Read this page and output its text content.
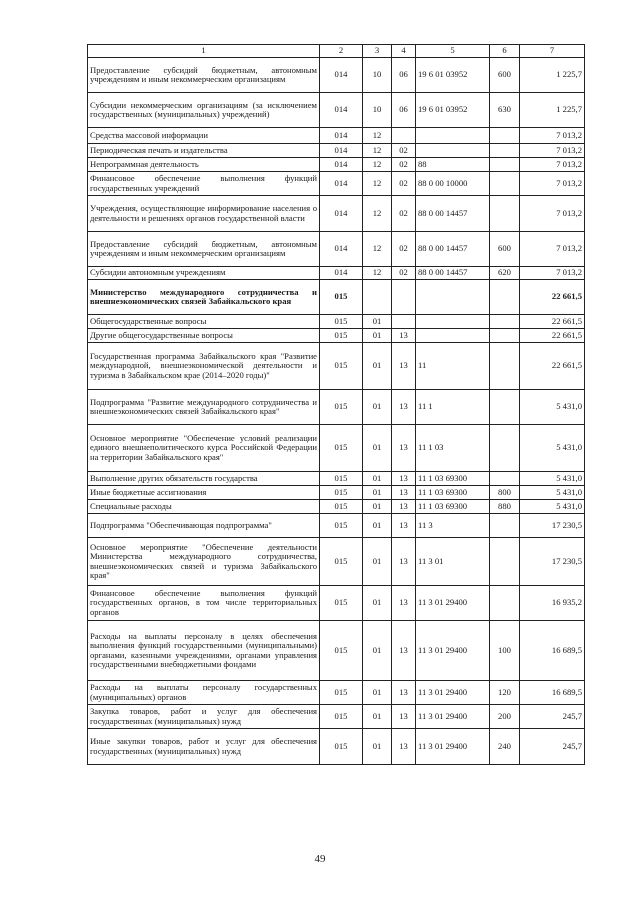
1	2	3	4	5	6	7
Предоставление субсидий бюджетным, автономным учреждениям и иным некоммерческим организациям	014	10	06	19 6 01 03952	600	1 225,7
Субсидии некоммерческим организациям (за исключением государственных (муниципальных) учреждений)	014	10	06	19 6 01 03952	630	1 225,7
Средства массовой информации	014	12				7 013,2
Периодическая печать и издательства	014	12	02			7 013,2
Непрограммная деятельность	014	12	02	88		7 013,2
Финансовое обеспечение выполнения функций государственных учреждений	014	12	02	88 0 00 10000		7 013,2
Учреждения, осуществляющие информирование населения о деятельности и решениях органов государственной власти	014	12	02	88 0 00 14457		7 013,2
Предоставление субсидий бюджетным, автономным учреждениям и иным некоммерческим организациям	014	12	02	88 0 00 14457	600	7 013,2
Субсидии автономным учреждениям	014	12	02	88 0 00 14457	620	7 013,2
Министерство международного сотрудничества и внешнеэкономических связей Забайкальского края	015					22 661,5
Общегосударственные вопросы	015	01				22 661,5
Другие общегосударственные вопросы	015	01	13			22 661,5
Государственная программа Забайкальского края "Развитие международной, внешнеэкономической деятельности и туризма в Забайкальском крае (2014–2020 годы)"	015	01	13	11		22 661,5
Подпрограмма "Развитие международного сотрудничества и внешнеэкономических связей Забайкальского края"	015	01	13	11 1		5 431,0
Основное мероприятие "Обеспечение условий реализации единого внешнеполитического курса Российской Федерации на территории Забайкальского края"	015	01	13	11 1 03		5 431,0
Выполнение других обязательств государства	015	01	13	11 1 03 69300		5 431,0
Иные бюджетные ассигнования	015	01	13	11 1 03 69300	800	5 431,0
Специальные расходы	015	01	13	11 1 03 69300	880	5 431,0
Подпрограмма "Обеспечивающая подпрограмма"	015	01	13	11 3		17 230,5
Основное мероприятие "Обеспечение деятельности Министерства международного сотрудничества, внешнеэкономических связей и туризма Забайкальского края"	015	01	13	11 3 01		17 230,5
Финансовое обеспечение выполнения функций государственных органов, в том числе территориальных органов	015	01	13	11 3 01 29400		16 935,2
Расходы на выплаты персоналу в целях обеспечения выполнения функций государственными (муниципальными) органами, казенными учреждениями, органами управления государственными внебюджетными фондами	015	01	13	11 3 01 29400	100	16 689,5
Расходы на выплаты персоналу государственных (муниципальных) органов	015	01	13	11 3 01 29400	120	16 689,5
Закупка товаров, работ и услуг для обеспечения государственных (муниципальных) нужд	015	01	13	11 3 01 29400	200	245,7
Иные закупки товаров, работ и услуг для обеспечения государственных (муниципальных) нужд	015	01	13	11 3 01 29400	240	245,7
49
